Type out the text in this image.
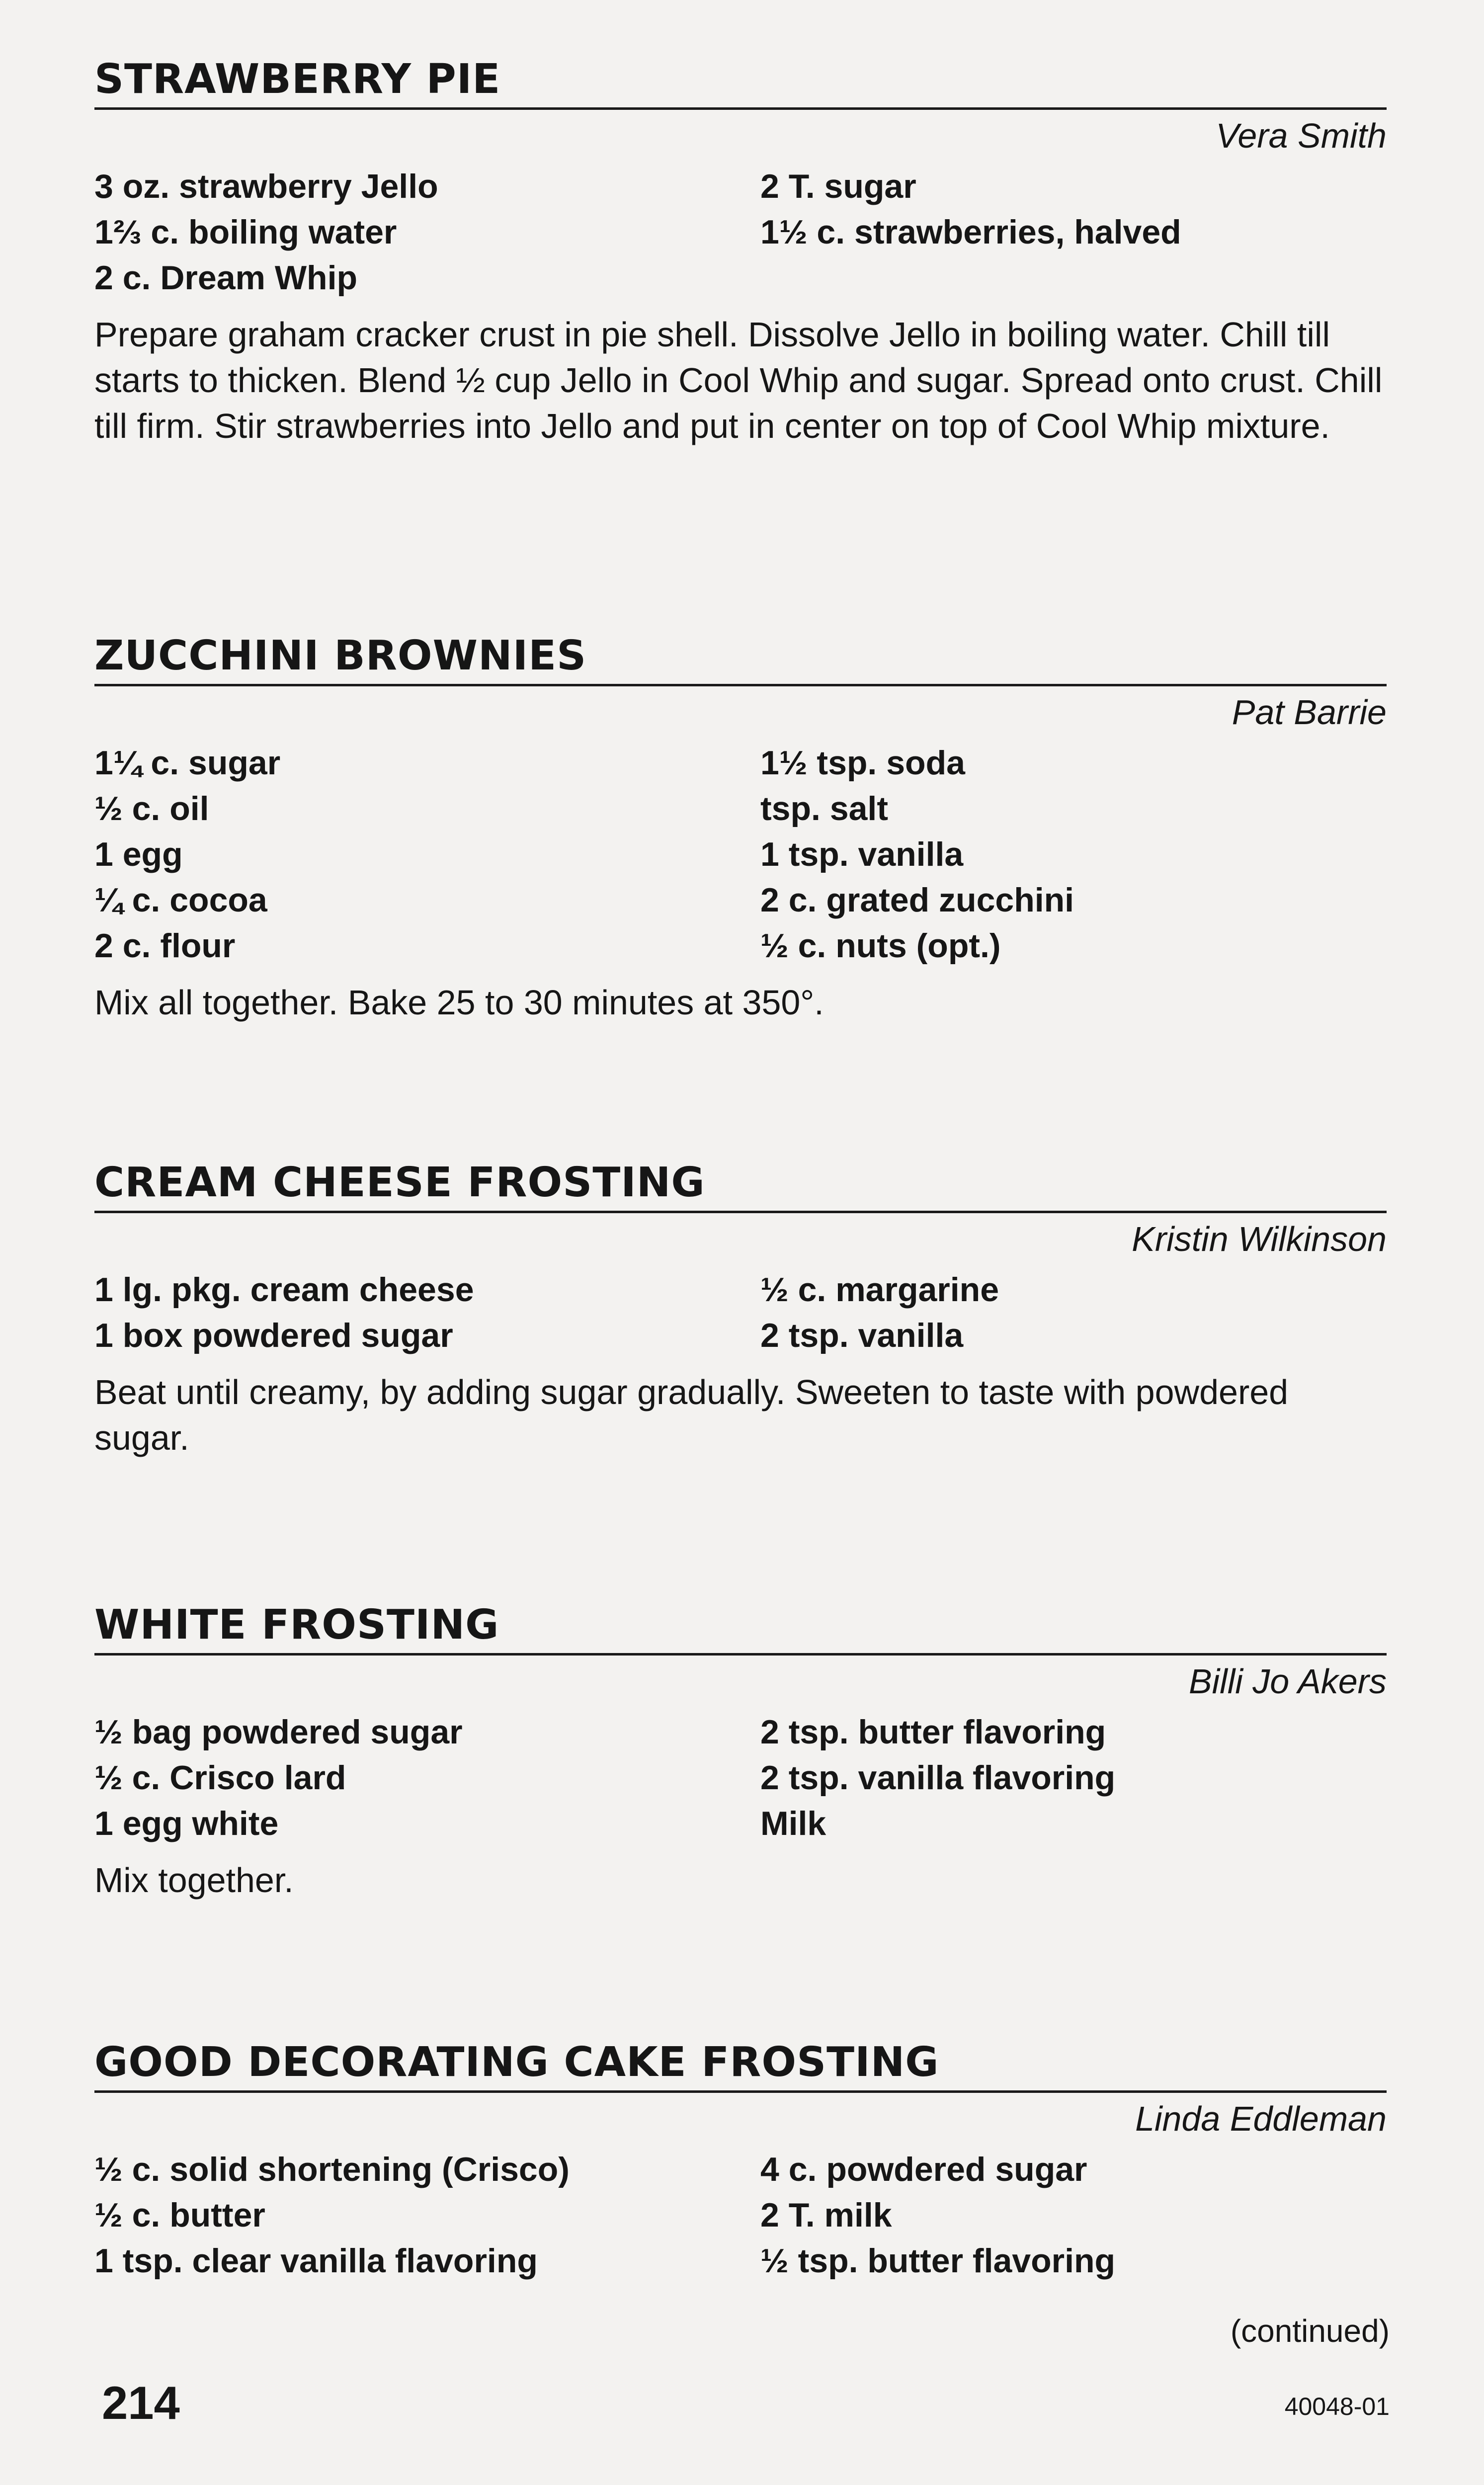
STRAWBERRY PIE
Vera Smith
3 oz. strawberry Jello
1⅔ c. boiling water
2 c. Dream Whip
2 T. sugar
1½ c. strawberries, halved
Prepare graham cracker crust in pie shell. Dissolve Jello in boiling water. Chill till starts to thicken. Blend ½ cup Jello in Cool Whip and sugar. Spread onto crust. Chill till firm. Stir strawberries into Jello and put in center on top of Cool Whip mixture.
ZUCCHINI BROWNIES
Pat Barrie
1¼ c. sugar
½ c. oil
1 egg
¼ c. cocoa
2 c. flour
1½ tsp. soda
tsp. salt
1 tsp. vanilla
2 c. grated zucchini
½ c. nuts (opt.)
Mix all together. Bake 25 to 30 minutes at 350°.
CREAM CHEESE FROSTING
Kristin Wilkinson
1 lg. pkg. cream cheese
1 box powdered sugar
½ c. margarine
2 tsp. vanilla
Beat until creamy, by adding sugar gradually. Sweeten to taste with powdered sugar.
WHITE FROSTING
Billi Jo Akers
½ bag powdered sugar
½ c. Crisco lard
1 egg white
2 tsp. butter flavoring
2 tsp. vanilla flavoring
Milk
Mix together.
GOOD DECORATING CAKE FROSTING
Linda Eddleman
½ c. solid shortening (Crisco)
½ c. butter
1 tsp. clear vanilla flavoring
4 c. powdered sugar
2 T. milk
½ tsp. butter flavoring
(continued)
214	40048-01
